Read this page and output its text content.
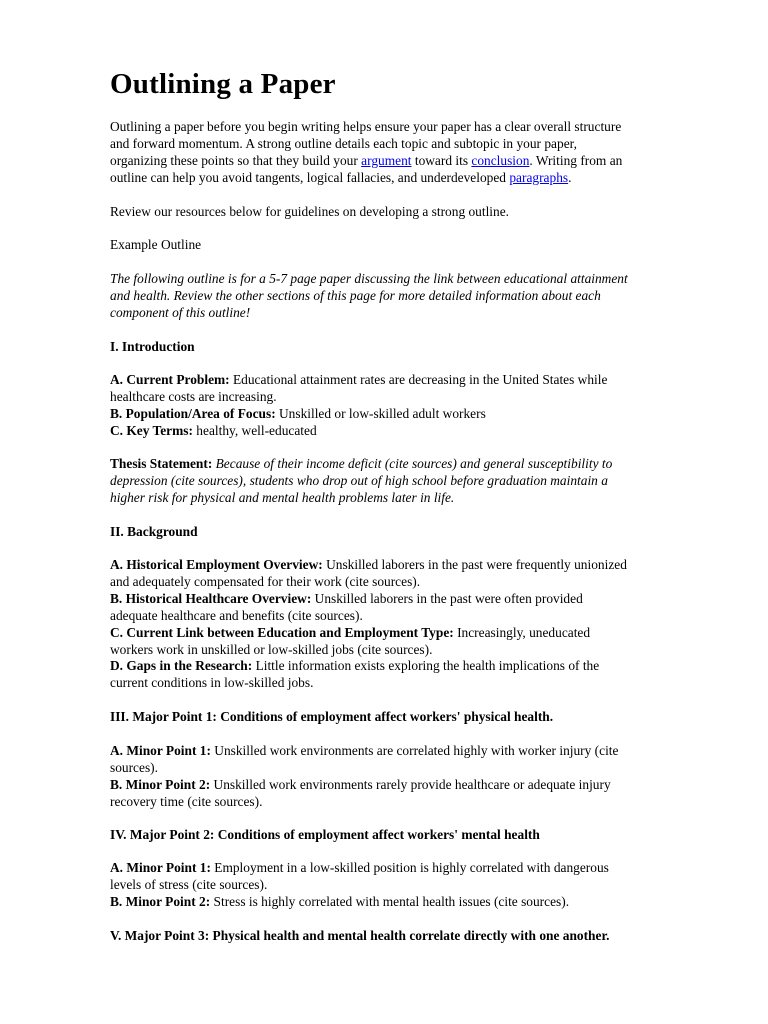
Outlining a Paper
Outlining a paper before you begin writing helps ensure your paper has a clear overall structure
and forward momentum. A strong outline details each topic and subtopic in your paper,
organizing these points so that they build your argument toward its conclusion. Writing from an
outline can help you avoid tangents, logical fallacies, and underdeveloped paragraphs.
Review our resources below for guidelines on developing a strong outline.
Example Outline
The following outline is for a 5-7 page paper discussing the link between educational attainment
and health. Review the other sections of this page for more detailed information about each
component of this outline!
I. Introduction
A. Current Problem: Educational attainment rates are decreasing in the United States while
healthcare costs are increasing.
B. Population/Area of Focus: Unskilled or low-skilled adult workers
C. Key Terms: healthy, well-educated
Thesis Statement: Because of their income deficit (cite sources) and general susceptibility to
depression (cite sources), students who drop out of high school before graduation maintain a
higher risk for physical and mental health problems later in life.
II. Background
A. Historical Employment Overview: Unskilled laborers in the past were frequently unionized
and adequately compensated for their work (cite sources).
B. Historical Healthcare Overview: Unskilled laborers in the past were often provided
adequate healthcare and benefits (cite sources).
C. Current Link between Education and Employment Type: Increasingly, uneducated
workers work in unskilled or low-skilled jobs (cite sources).
D. Gaps in the Research: Little information exists exploring the health implications of the
current conditions in low-skilled jobs.
III. Major Point 1: Conditions of employment affect workers' physical health.
A. Minor Point 1: Unskilled work environments are correlated highly with worker injury (cite
sources).
B. Minor Point 2: Unskilled work environments rarely provide healthcare or adequate injury
recovery time (cite sources).
IV. Major Point 2: Conditions of employment affect workers' mental health
A. Minor Point 1: Employment in a low-skilled position is highly correlated with dangerous
levels of stress (cite sources).
B. Minor Point 2: Stress is highly correlated with mental health issues (cite sources).
V. Major Point 3: Physical health and mental health correlate directly with one another.
